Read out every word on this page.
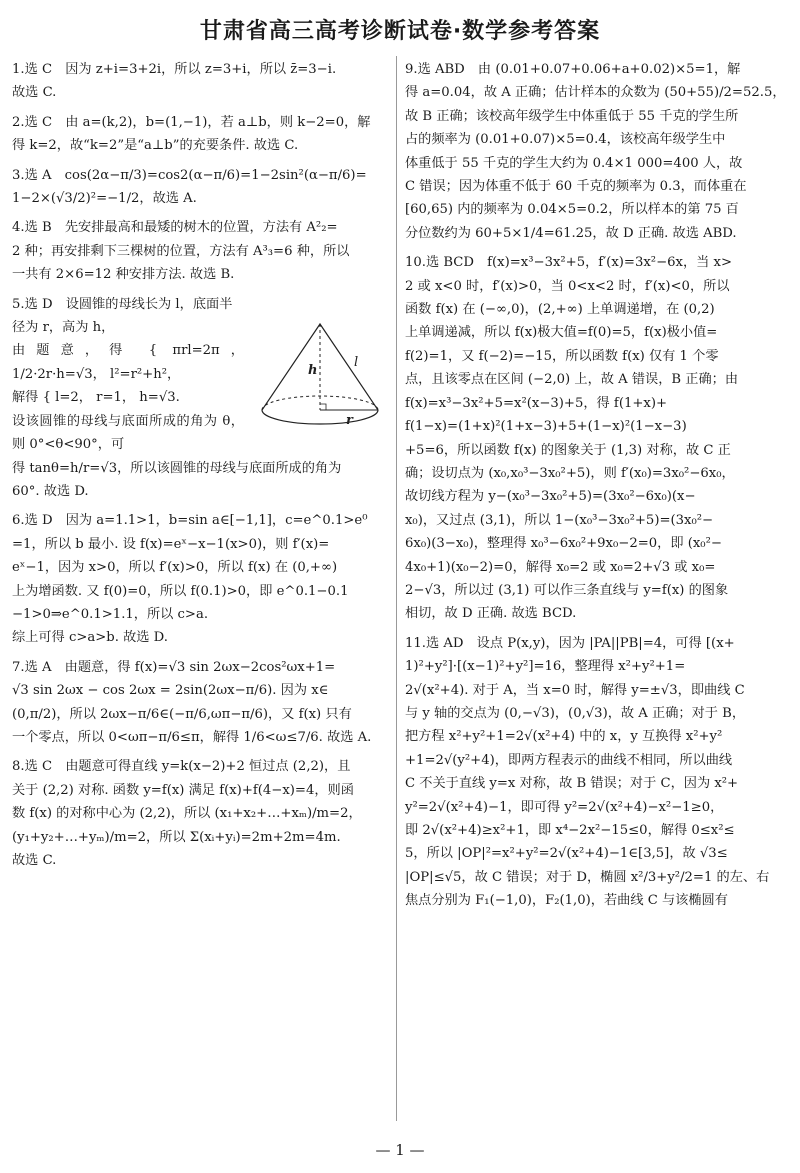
甘肃省高三高考诊断试卷·数学参考答案

1.选 C　因为 z+i=3+2i，所以 z=3+i，所以 z̄=3−i.

故选 C.

2.选 C　由 a=(k,2)，b=(1,−1)，若 a⊥b，则 k−2=0，解

得 k=2，故“k=2”是“a⊥b”的充要条件. 故选 C.

3.选 A　cos(2α−π/3)=cos2(α−π/6)=1−2sin²(α−π/6)=

1−2×(√3/2)²=−1/2，故选 A.

4.选 B　先安排最高和最矮的树木的位置，方法有 A²₂=

2 种；再安排剩下三棵树的位置，方法有 A³₃=6 种，所以

一共有 2×6=12 种安排方法. 故选 B.

5.选 D　设圆锥的母线长为 l，底面半

h
l
r

径为 r，高为 h，

由题意，得 { πrl=2π， 1/2·2r·h=√3， l²=r²+h²，

解得 { l=2， r=1， h=√3.

设该圆锥的母线与底面所成的角为 θ，则 0°<θ<90°，可

得 tanθ=h/r=√3，所以该圆锥的母线与底面所成的角为

60°. 故选 D.

6.选 D　因为 a=1.1>1，b=sin a∈[−1,1]，c=e^0.1>e⁰

=1，所以 b 最小. 设 f(x)=eˣ−x−1(x>0)，则 f′(x)=

eˣ−1，因为 x>0，所以 f′(x)>0，所以 f(x) 在 (0,+∞)

上为增函数. 又 f(0)=0，所以 f(0.1)>0，即 e^0.1−0.1

−1>0⇒e^0.1>1.1，所以 c>a.

综上可得 c>a>b. 故选 D.

7.选 A　由题意，得 f(x)=√3 sin 2ωx−2cos²ωx+1=

√3 sin 2ωx − cos 2ωx = 2sin(2ωx−π/6). 因为 x∈

(0,π/2)，所以 2ωx−π/6∈(−π/6,ωπ−π/6)，又 f(x) 只有

一个零点，所以 0<ωπ−π/6≤π，解得 1/6<ω≤7/6. 故选 A.

8.选 C　由题意可得直线 y=k(x−2)+2 恒过点 (2,2)，且

关于 (2,2) 对称. 函数 y=f(x) 满足 f(x)+f(4−x)=4，则函

数 f(x) 的对称中心为 (2,2)，所以 (x₁+x₂+…+xₘ)/m=2，

(y₁+y₂+…+yₘ)/m=2，所以 Σ(xᵢ+yᵢ)=2m+2m=4m.

故选 C.

9.选 ABD　由 (0.01+0.07+0.06+a+0.02)×5=1，解

得 a=0.04，故 A 正确；估计样本的众数为 (50+55)/2=52.5，

故 B 正确；该校高年级学生中体重低于 55 千克的学生所

占的频率为 (0.01+0.07)×5=0.4，该校高年级学生中

体重低于 55 千克的学生大约为 0.4×1 000=400 人，故

C 错误；因为体重不低于 60 千克的频率为 0.3，而体重在

[60,65) 内的频率为 0.04×5=0.2，所以样本的第 75 百

分位数约为 60+5×1/4=61.25，故 D 正确. 故选 ABD.

10.选 BCD　f(x)=x³−3x²+5，f′(x)=3x²−6x，当 x>

2 或 x<0 时，f′(x)>0，当 0<x<2 时，f′(x)<0，所以

函数 f(x) 在 (−∞,0)，(2,+∞) 上单调递增，在 (0,2)

上单调递减，所以 f(x)极大值=f(0)=5，f(x)极小值=

f(2)=1，又 f(−2)=−15，所以函数 f(x) 仅有 1 个零

点，且该零点在区间 (−2,0) 上，故 A 错误，B 正确；由

f(x)=x³−3x²+5=x²(x−3)+5，得 f(1+x)+

f(1−x)=(1+x)²(1+x−3)+5+(1−x)²(1−x−3)

+5=6，所以函数 f(x) 的图象关于 (1,3) 对称，故 C 正

确；设切点为 (x₀,x₀³−3x₀²+5)，则 f′(x₀)=3x₀²−6x₀，

故切线方程为 y−(x₀³−3x₀²+5)=(3x₀²−6x₀)(x−

x₀)，又过点 (3,1)，所以 1−(x₀³−3x₀²+5)=(3x₀²−

6x₀)(3−x₀)，整理得 x₀³−6x₀²+9x₀−2=0，即 (x₀²−

4x₀+1)(x₀−2)=0，解得 x₀=2 或 x₀=2+√3 或 x₀=

2−√3，所以过 (3,1) 可以作三条直线与 y=f(x) 的图象

相切，故 D 正确. 故选 BCD.

11.选 AD　设点 P(x,y)，因为 |PA||PB|=4，可得 [(x+

1)²+y²]·[(x−1)²+y²]=16，整理得 x²+y²+1=

2√(x²+4). 对于 A，当 x=0 时，解得 y=±√3，即曲线 C

与 y 轴的交点为 (0,−√3)，(0,√3)，故 A 正确；对于 B，

把方程 x²+y²+1=2√(x²+4) 中的 x，y 互换得 x²+y²

+1=2√(y²+4)，即两方程表示的曲线不相同，所以曲线

C 不关于直线 y=x 对称，故 B 错误；对于 C，因为 x²+

y²=2√(x²+4)−1，即可得 y²=2√(x²+4)−x²−1≥0，

即 2√(x²+4)≥x²+1，即 x⁴−2x²−15≤0，解得 0≤x²≤

5，所以 |OP|²=x²+y²=2√(x²+4)−1∈[3,5]，故 √3≤

|OP|≤√5，故 C 错误；对于 D，椭圆 x²/3+y²/2=1 的左、右

焦点分别为 F₁(−1,0)，F₂(1,0)，若曲线 C 与该椭圆有

— 1 —
